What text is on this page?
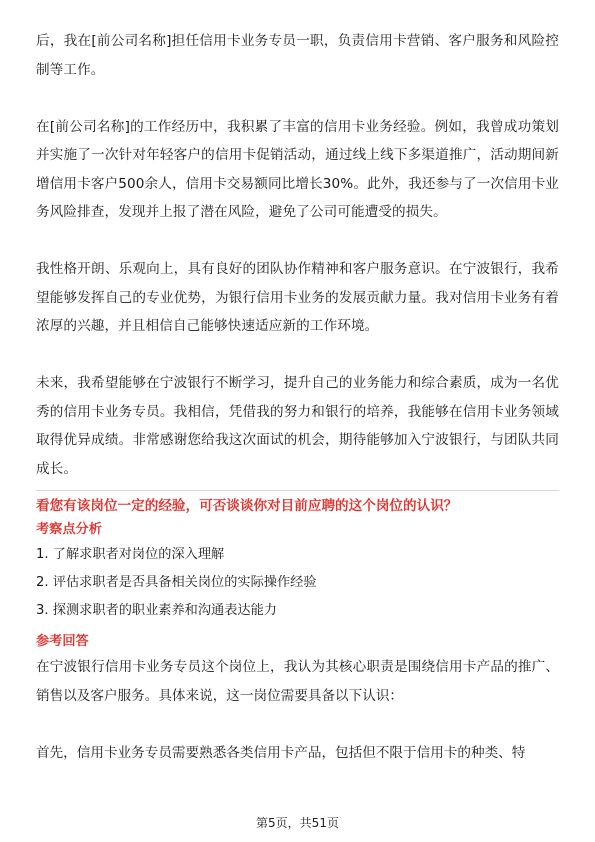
后，我在[前公司名称]担任信用卡业务专员一职，负责信用卡营销、客户服务和风险控制等工作。

在[前公司名称]的工作经历中，我积累了丰富的信用卡业务经验。例如，我曾成功策划并实施了一次针对年轻客户的信用卡促销活动，通过线上线下多渠道推广，活动期间新增信用卡客户500余人，信用卡交易额同比增长30%。此外，我还参与了一次信用卡业务风险排查，发现并上报了潜在风险，避免了公司可能遭受的损失。

我性格开朗、乐观向上，具有良好的团队协作精神和客户服务意识。在宁波银行，我希望能够发挥自己的专业优势，为银行信用卡业务的发展贡献力量。我对信用卡业务有着浓厚的兴趣，并且相信自己能够快速适应新的工作环境。

未来，我希望能够在宁波银行不断学习，提升自己的业务能力和综合素质，成为一名优秀的信用卡业务专员。我相信，凭借我的努力和银行的培养，我能够在信用卡业务领域取得优异成绩。非常感谢您给我这次面试的机会，期待能够加入宁波银行，与团队共同成长。

看您有该岗位一定的经验，可否谈谈你对目前应聘的这个岗位的认识？

考察点分析

1. 了解求职者对岗位的深入理解
2. 评估求职者是否具备相关岗位的实际操作经验
3. 探测求职者的职业素养和沟通表达能力

参考回答

在宁波银行信用卡业务专员这个岗位上，我认为其核心职责是围绕信用卡产品的推广、销售以及客户服务。具体来说，这一岗位需要具备以下认识：

首先，信用卡业务专员需要熟悉各类信用卡产品，包括但不限于信用卡的种类、特

第5页，共51页
